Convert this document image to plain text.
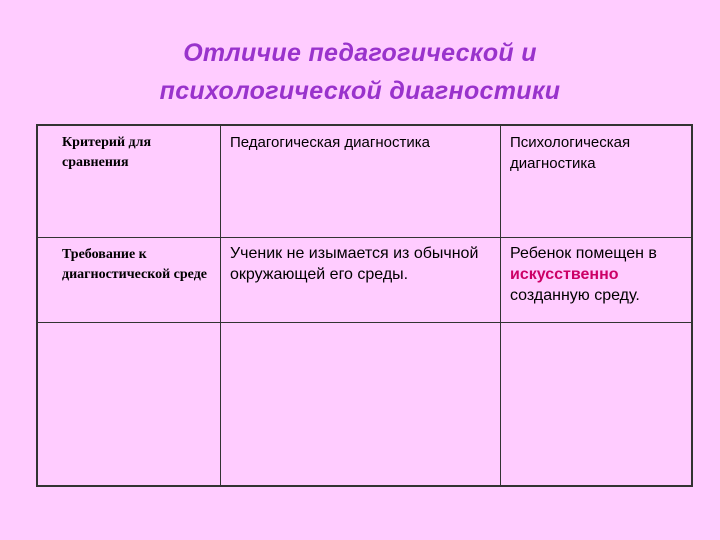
Отличие педагогической и
психологической диагностики
Критерий для сравнения	Педагогическая диагностика	Психологическая диагностика

Требование к диагностической среде	Ученик не изымается из обычной окружающей его среды.	Ребенок помещен в искусственно созданную среду.
